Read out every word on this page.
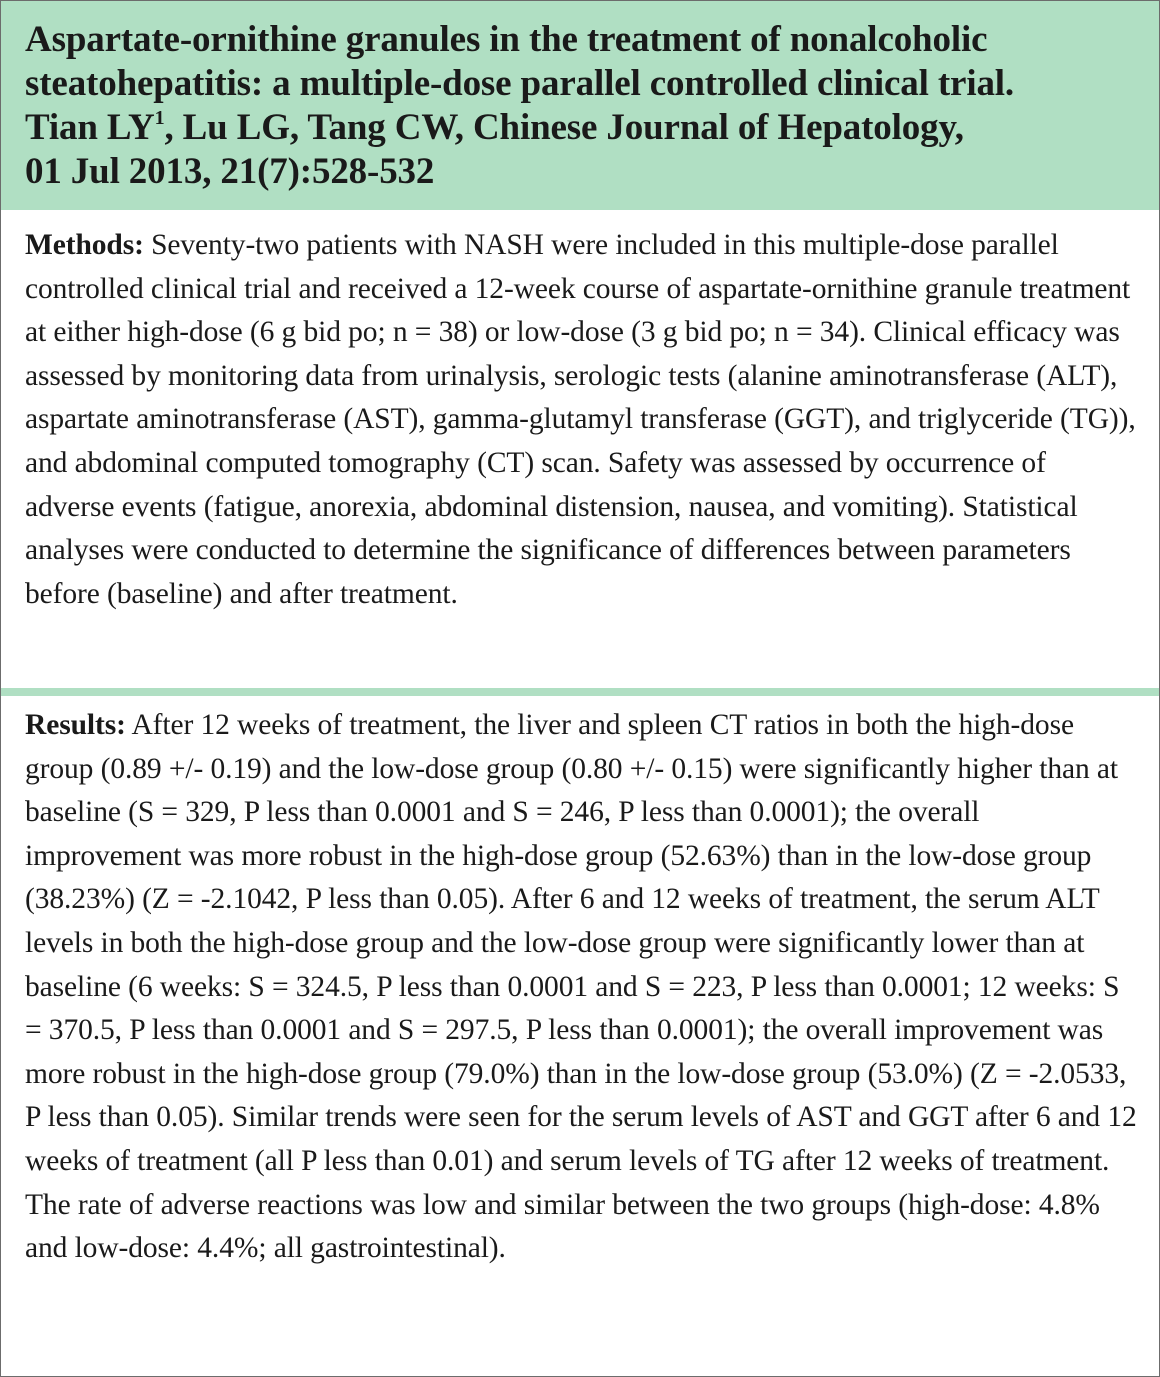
Aspartate-ornithine granules in the treatment of nonalcoholic steatohepatitis: a multiple-dose parallel controlled clinical trial.

Tian $LY^1$, Lu LG, Tang CW, Chinese Journal of Hepatology,

01 Jul 2013, 21(7):528-532

Methods: Seventy-two patients with NASH were included in this multiple-dose parallel controlled clinical trial and received a 12-week course of aspartate-ornithine granule treatment at either high-dose (6 g bid po; n = 38) or low-dose (3 g bid po; n = 34). Clinical efficacy was assessed by monitoring data from urinalysis, serologic tests (alanine aminotransferase (ALT), aspartate aminotransferase (AST), gamma-glutamyl transferase (GGT), and triglyceride (TG)), and abdominal computed tomography (CT) scan. Safety was assessed by occurrence of adverse events (fatigue, anorexia, abdominal distension, nausea, and vomiting). Statistical analyses were conducted to determine the significance of differences between parameters before (baseline) and after treatment.

Results: After 12 weeks of treatment, the liver and spleen CT ratios in both the high-dose group (0.89 +/- 0.19) and the low-dose group (0.80 +/- 0.15) were significantly higher than at baseline (S = 329, P less than 0.0001 and S = 246, P less than 0.0001); the overall improvement was more robust in the high-dose group (52.63%) than in the low-dose group (38.23%) (Z = -2.1042, P less than 0.05). After 6 and 12 weeks of treatment, the serum ALT levels in both the high-dose group and the low-dose group were significantly lower than at baseline (6 weeks: S = 324.5, P less than 0.0001 and S = 223, P less than 0.0001; 12 weeks: S = 370.5, P less than 0.0001 and S = 297.5, P less than 0.0001); the overall improvement was more robust in the high-dose group (79.0%) than in the low-dose group (53.0%) (Z = -2.0533, P less than 0.05). Similar trends were seen for the serum levels of AST and GGT after 6 and 12 weeks of treatment (all P less than 0.01) and serum levels of TG after 12 weeks of treatment. The rate of adverse reactions was low and similar between the two groups (high-dose: 4.8% and low-dose: 4.4%; all gastrointestinal).
